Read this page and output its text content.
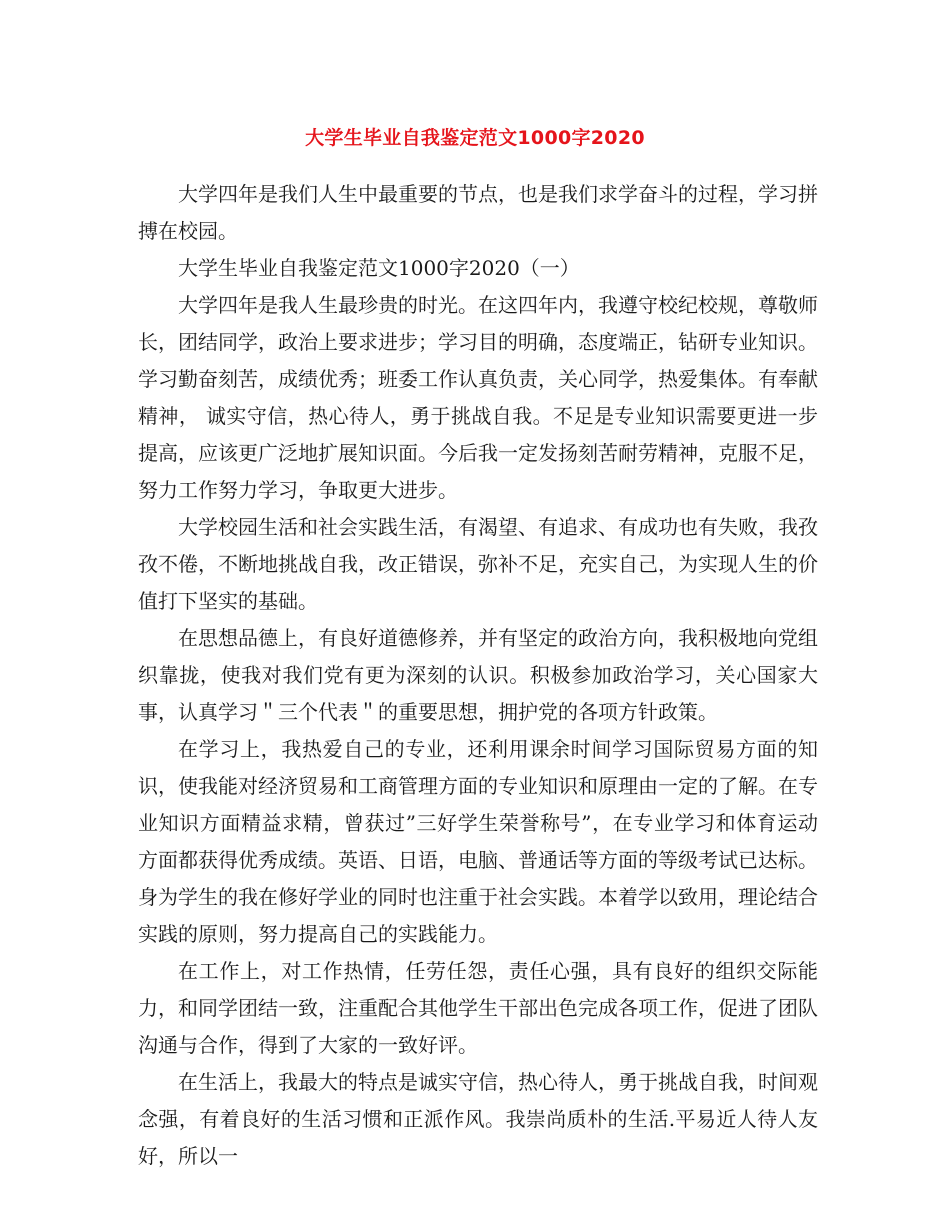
大学生毕业自我鉴定范文1000字2020

大学四年是我们人生中最重要的节点，也是我们求学奋斗的过程，学习拼搏在校园。

大学生毕业自我鉴定范文1000字2020（一）

大学四年是我人生最珍贵的时光。在这四年内，我遵守校纪校规，尊敬师长，团结同学，政治上要求进步；学习目的明确，态度端正，钻研专业知识。学习勤奋刻苦，成绩优秀；班委工作认真负责，关心同学，热爱集体。有奉献精神， 诚实守信，热心待人，勇于挑战自我。不足是专业知识需要更进一步提高，应该更广泛地扩展知识面。今后我一定发扬刻苦耐劳精神，克服不足，努力工作努力学习，争取更大进步。

大学校园生活和社会实践生活，有渴望、有追求、有成功也有失败，我孜孜不倦，不断地挑战自我，改正错误，弥补不足，充实自己，为实现人生的价值打下坚实的基础。

在思想品德上，有良好道德修养，并有坚定的政治方向，我积极地向党组织靠拢，使我对我们党有更为深刻的认识。积极参加政治学习，关心国家大事，认真学习＂三个代表＂的重要思想，拥护党的各项方针政策。

在学习上，我热爱自己的专业，还利用课余时间学习国际贸易方面的知识，使我能对经济贸易和工商管理方面的专业知识和原理由一定的了解。在专业知识方面精益求精，曾获过”三好学生荣誉称号”，在专业学习和体育运动方面都获得优秀成绩。英语、日语，电脑、普通话等方面的等级考试已达标。身为学生的我在修好学业的同时也注重于社会实践。本着学以致用，理论结合实践的原则，努力提高自己的实践能力。

在工作上，对工作热情，任劳任怨，责任心强，具有良好的组织交际能力，和同学团结一致，注重配合其他学生干部出色完成各项工作，促进了团队沟通与合作，得到了大家的一致好评。

在生活上，我最大的特点是诚实守信，热心待人，勇于挑战自我，时间观念强，有着良好的生活习惯和正派作风。我崇尚质朴的生活.平易近人待人友好，所以一
